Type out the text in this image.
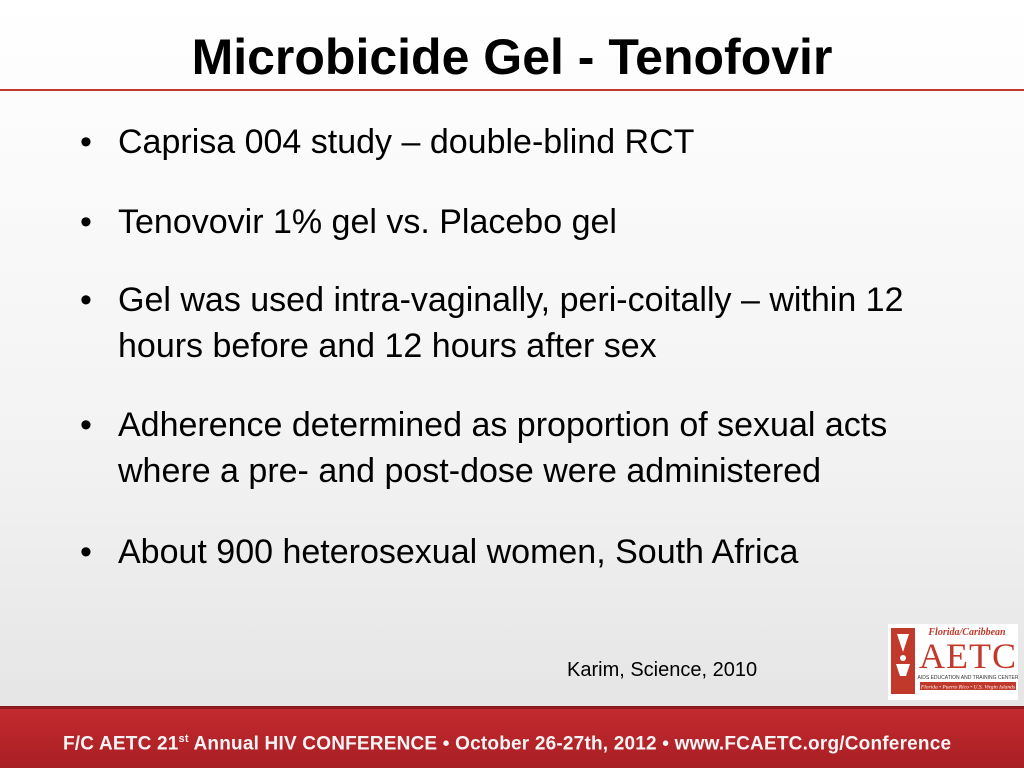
Microbicide Gel - Tenofovir
• Caprisa 004 study – double-blind RCT
• Tenovovir 1% gel vs. Placebo gel
• Gel was used intra-vaginally, peri-coitally – within 12 hours before and 12 hours after sex
• Adherence determined as proportion of sexual acts where a pre- and post-dose were administered
• About 900 heterosexual women, South Africa
Karim, Science, 2010
Florida/Caribbean
AETC
AIDS EDUCATION AND TRAINING CENTER
Florida • Puerto Rico • U.S. Virgin Islands
F/C AETC 21st Annual HIV CONFERENCE • October 26-27th, 2012 • www.FCAETC.org/Conference
